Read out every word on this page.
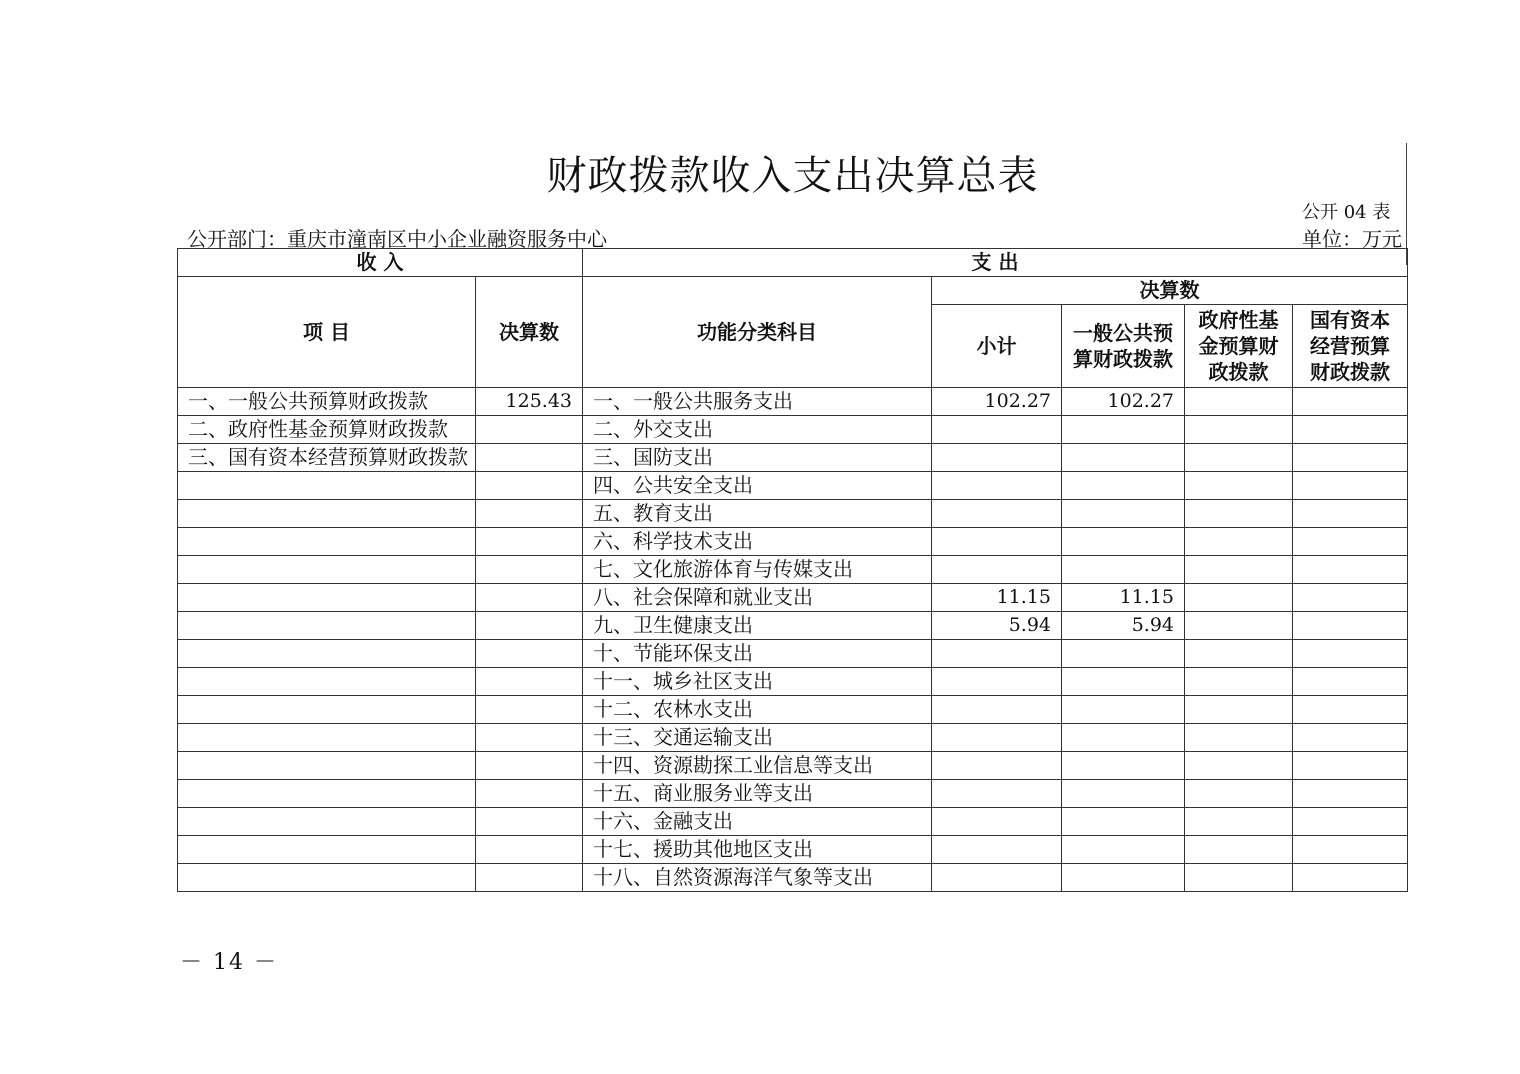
财政拨款收入支出决算总表
公开 04 表
公开部门：重庆市潼南区中小企业融资服务中心	单位：万元
收 入		支 出				
项 目	决算数	功能分类科目	决算数			
			小计	一般公共预算财政拨款	政府性基金预算财政拨款	国有资本经营预算财政拨款
一、一般公共预算财政拨款	125.43	一、一般公共服务支出	102.27	102.27		
二、政府性基金预算财政拨款		二、外交支出				
三、国有资本经营预算财政拨款		三、国防支出				
		四、公共安全支出				
		五、教育支出				
		六、科学技术支出				
		七、文化旅游体育与传媒支出				
		八、社会保障和就业支出	11.15	11.15		
		九、卫生健康支出	5.94	5.94		
		十、节能环保支出				
		十一、城乡社区支出				
		十二、农林水支出				
		十三、交通运输支出				
		十四、资源勘探工业信息等支出				
		十五、商业服务业等支出				
		十六、金融支出				
		十七、援助其他地区支出				
		十八、自然资源海洋气象等支出				
－ 14 －
